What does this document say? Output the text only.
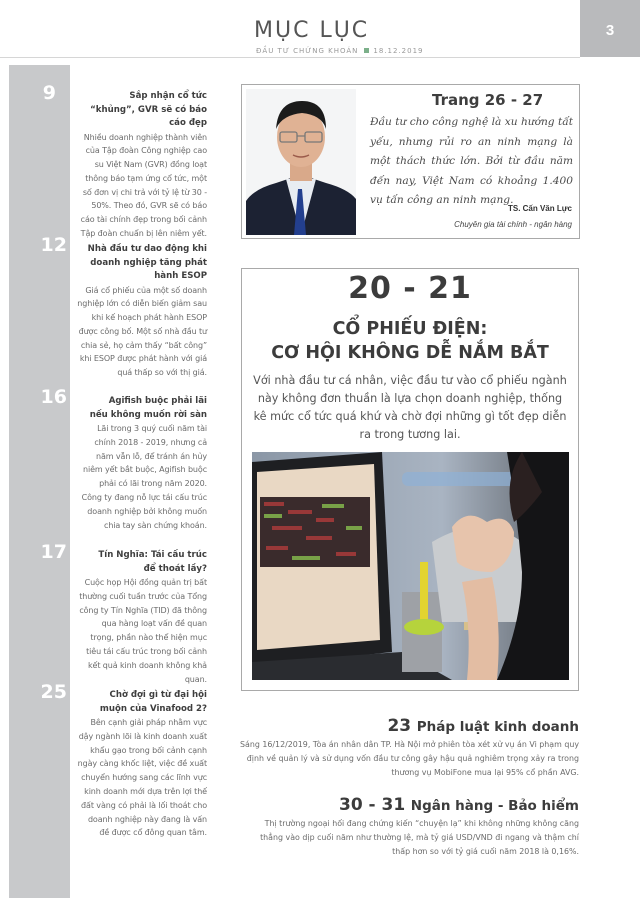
MỤC LỤC
ĐẦU TƯ CHỨNG KHOÁN 18.12.2019
3
9	Sắp nhận cổ tức “khủng”, GVR sẽ có báo cáo đẹp
Nhiều doanh nghiệp thành viên của Tập đoàn Công nghiệp cao su Việt Nam (GVR) đồng loạt thông báo tạm ứng cổ tức, một số đơn vị chi trả với tỷ lệ từ 30 - 50%. Theo đó, GVR sẽ có báo cáo tài chính đẹp trong bối cảnh Tập đoàn chuẩn bị lên niêm yết.
12	Nhà đầu tư dao động khi doanh nghiệp tăng phát hành ESOP
Giá cổ phiếu của một số doanh nghiệp lớn có diễn biến giảm sau khi kế hoạch phát hành ESOP được công bố. Một số nhà đầu tư chia sẻ, họ cảm thấy “bất công” khi ESOP được phát hành với giá quá thấp so với thị giá.
16	Agifish buộc phải lãi nếu không muốn rời sàn
Lãi trong 3 quý cuối năm tài chính 2018 - 2019, nhưng cả năm vẫn lỗ, để tránh án hủy niêm yết bắt buộc, Agifish buộc phải có lãi trong năm 2020. Công ty đang nỗ lực tái cấu trúc doanh nghiệp bởi không muốn chia tay sàn chứng khoán.
17	Tín Nghĩa: Tái cấu trúc để thoát lầy?
Cuộc họp Hội đồng quản trị bất thường cuối tuần trước của Tổng công ty Tín Nghĩa (TID) đã thông qua hàng loạt vấn đề quan trọng, phần nào thể hiện mục tiêu tái cấu trúc trong bối cảnh kết quả kinh doanh không khả quan.
25	Chờ đợi gì từ đại hội muộn của Vinafood 2?
Bên cạnh giải pháp nhằm vực dậy ngành lõi là kinh doanh xuất khẩu gạo trong bối cảnh cạnh ngày càng khốc liệt, việc đề xuất chuyển hướng sang các lĩnh vực kinh doanh mới dựa trên lợi thế đất vàng có phải là lối thoát cho doanh nghiệp này đang là vấn đề được cổ đông quan tâm.
Trang 26 - 27
Đầu tư cho công nghệ là xu hướng tất yếu, nhưng rủi ro an ninh mạng là một thách thức lớn. Bởi từ đầu năm đến nay, Việt Nam có khoảng 1.400 vụ tấn công an ninh mạng.
TS. Cấn Văn Lực
Chuyên gia tài chính - ngân hàng
20 - 21
CỔ PHIẾU ĐIỆN:
CƠ HỘI KHÔNG DỄ NẮM BẮT
Với nhà đầu tư cá nhân, việc đầu tư vào cổ phiếu ngành này không đơn thuần là lựa chọn doanh nghiệp, thống kê mức cổ tức quá khứ và chờ đợi những gì tốt đẹp diễn ra trong tương lai.
23 Pháp luật kinh doanh
Sáng 16/12/2019, Tòa án nhân dân TP. Hà Nội mở phiên tòa xét xử vụ án Vi phạm quy định về quản lý và sử dụng vốn đầu tư công gây hậu quả nghiêm trọng xảy ra trong thương vụ MobiFone mua lại 95% cổ phần AVG.
30 - 31 Ngân hàng - Bảo hiểm
Thị trường ngoại hối đang chứng kiến “chuyện lạ” khi không những không căng thẳng vào dịp cuối năm như thường lệ, mà tỷ giá USD/VND đi ngang và thậm chí thấp hơn so với tỷ giá cuối năm 2018 là 0,16%.
